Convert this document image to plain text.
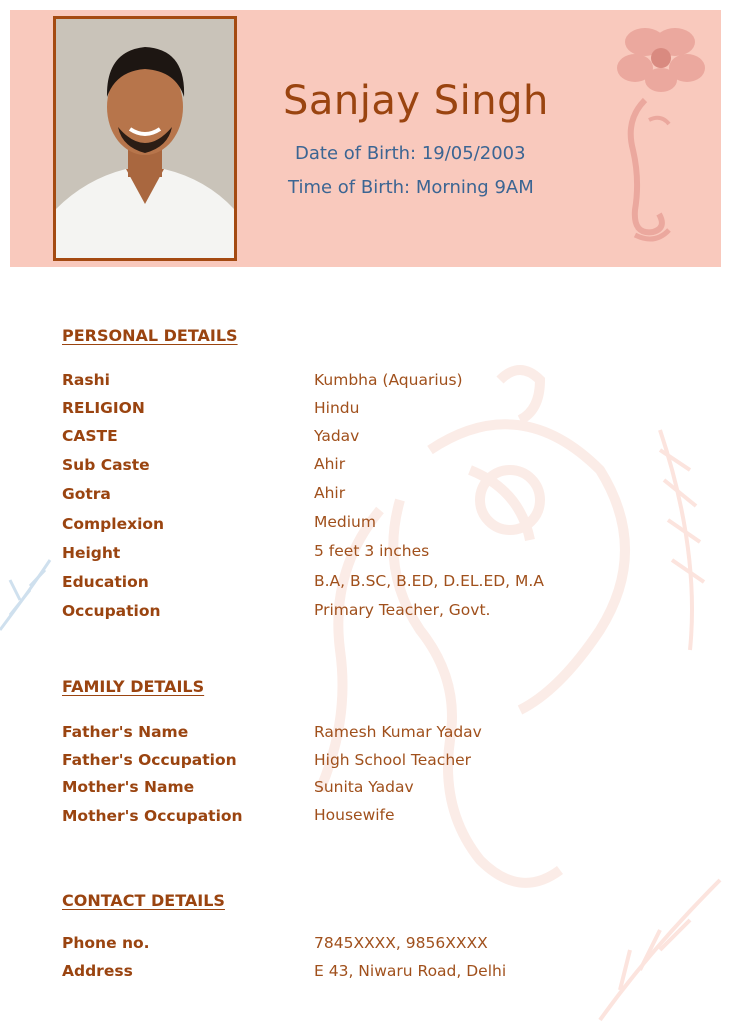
Sanjay Singh
Date of Birth: 19/05/2003
Time of Birth: Morning 9AM
PERSONAL DETAILS
Rashi	Kumbha (Aquarius)
RELIGION	Hindu
CASTE	Yadav
Sub Caste	Ahir
Gotra	Ahir
Complexion	Medium
Height	5 feet 3 inches
Education	B.A, B.SC, B.ED, D.EL.ED, M.A
Occupation	Primary Teacher, Govt.
FAMILY DETAILS
Father's Name	Ramesh Kumar Yadav
Father's Occupation	High School Teacher
Mother's Name	Sunita Yadav
Mother's Occupation	Housewife
CONTACT DETAILS
Phone no.	7845XXXX, 9856XXXX
Address	E 43, Niwaru Road, Delhi
